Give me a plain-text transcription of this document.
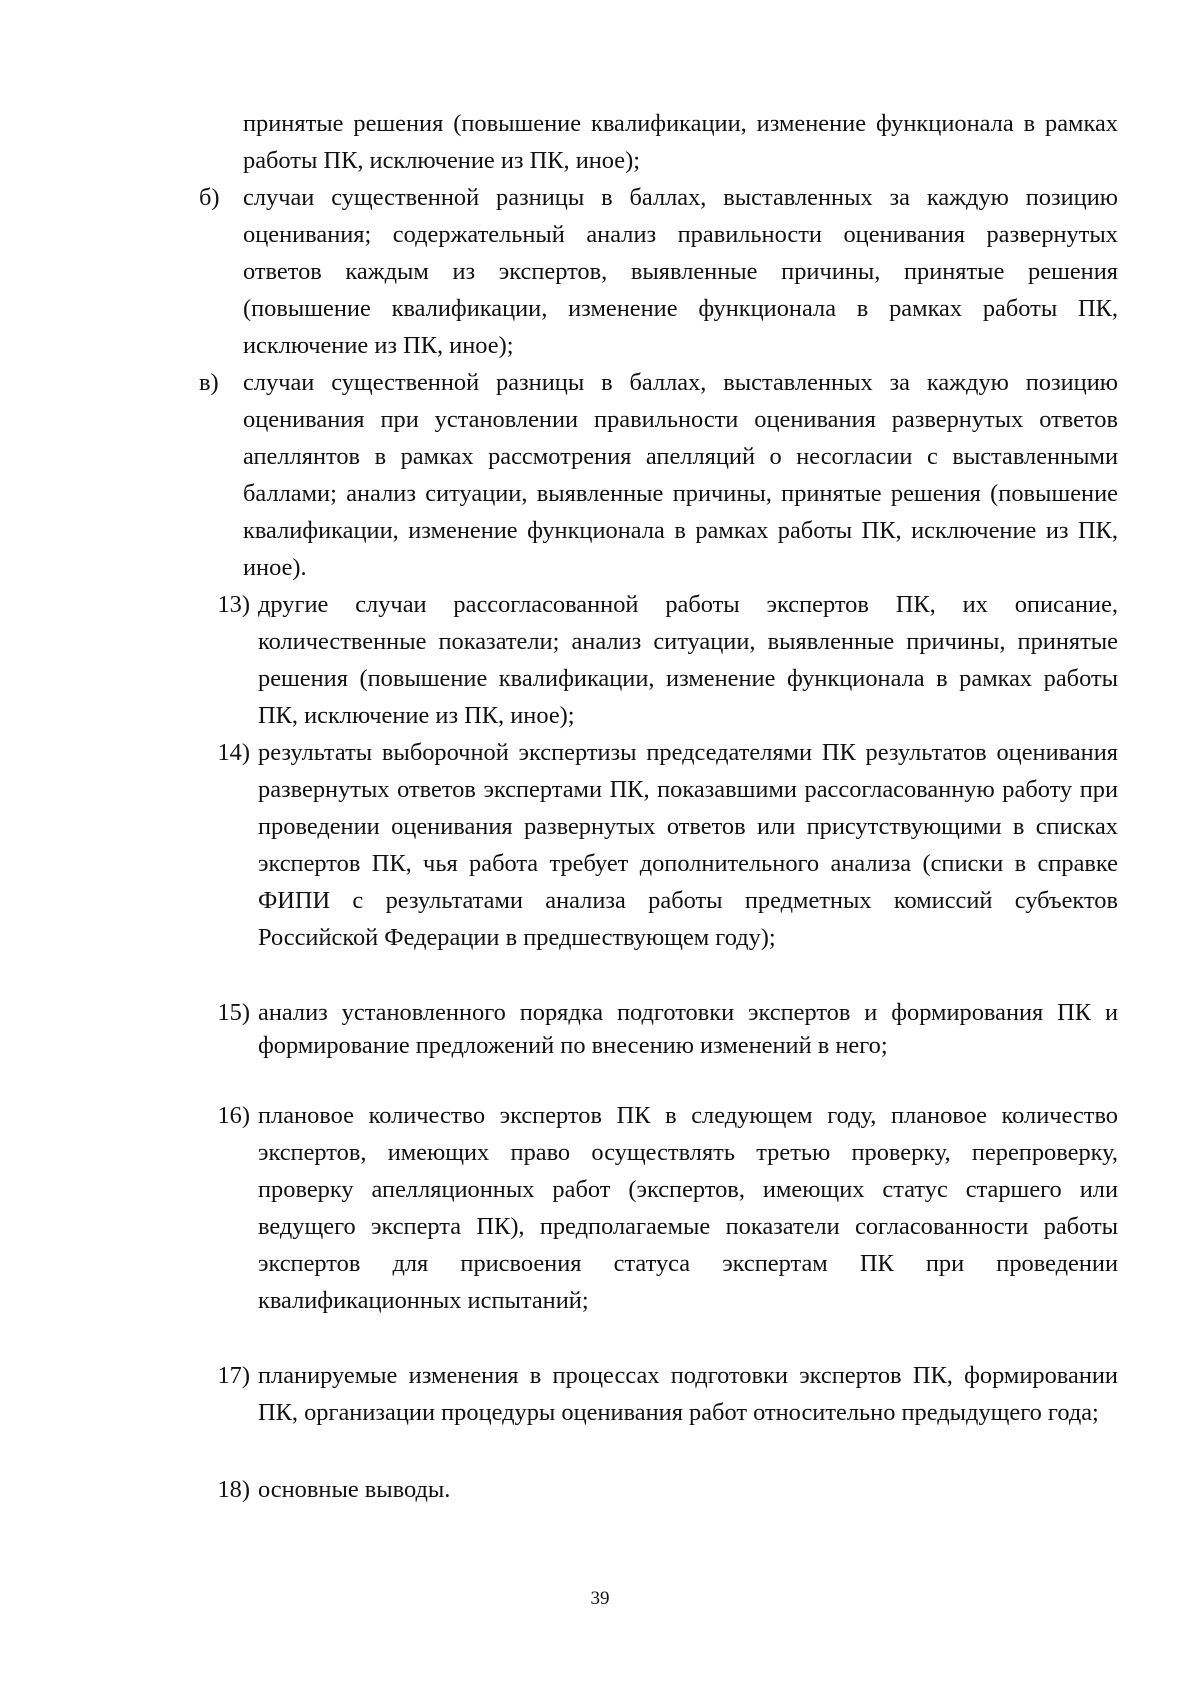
принятые решения (повышение квалификации, изменение функционала в рамках работы ПК, исключение из ПК, иное);
б) случаи существенной разницы в баллах, выставленных за каждую позицию оценивания; содержательный анализ правильности оценивания развернутых ответов каждым из экспертов, выявленные причины, принятые решения (повышение квалификации, изменение функционала в рамках работы ПК, исключение из ПК, иное);
в) случаи существенной разницы в баллах, выставленных за каждую позицию оценивания при установлении правильности оценивания развернутых ответов апеллянтов в рамках рассмотрения апелляций о несогласии с выставленными баллами; анализ ситуации, выявленные причины, принятые решения (повышение квалификации, изменение функционала в рамках работы ПК, исключение из ПК, иное).
13) другие случаи рассогласованной работы экспертов ПК, их описание, количественные показатели; анализ ситуации, выявленные причины, принятые решения (повышение квалификации, изменение функционала в рамках работы ПК, исключение из ПК, иное);
14) результаты выборочной экспертизы председателями ПК результатов оценивания развернутых ответов экспертами ПК, показавшими рассогласованную работу при проведении оценивания развернутых ответов или присутствующими в списках экспертов ПК, чья работа требует дополнительного анализа (списки в справке ФИПИ с результатами анализа работы предметных комиссий субъектов Российской Федерации в предшествующем году);
15) анализ установленного порядка подготовки экспертов и формирования ПК и формирование предложений по внесению изменений в него;
16) плановое количество экспертов ПК в следующем году, плановое количество экспертов, имеющих право осуществлять третью проверку, перепроверку, проверку апелляционных работ (экспертов, имеющих статус старшего или ведущего эксперта ПК), предполагаемые показатели согласованности работы экспертов для присвоения статуса экспертам ПК при проведении квалификационных испытаний;
17) планируемые изменения в процессах подготовки экспертов ПК, формировании ПК, организации процедуры оценивания работ относительно предыдущего года;
18) основные выводы.
39
